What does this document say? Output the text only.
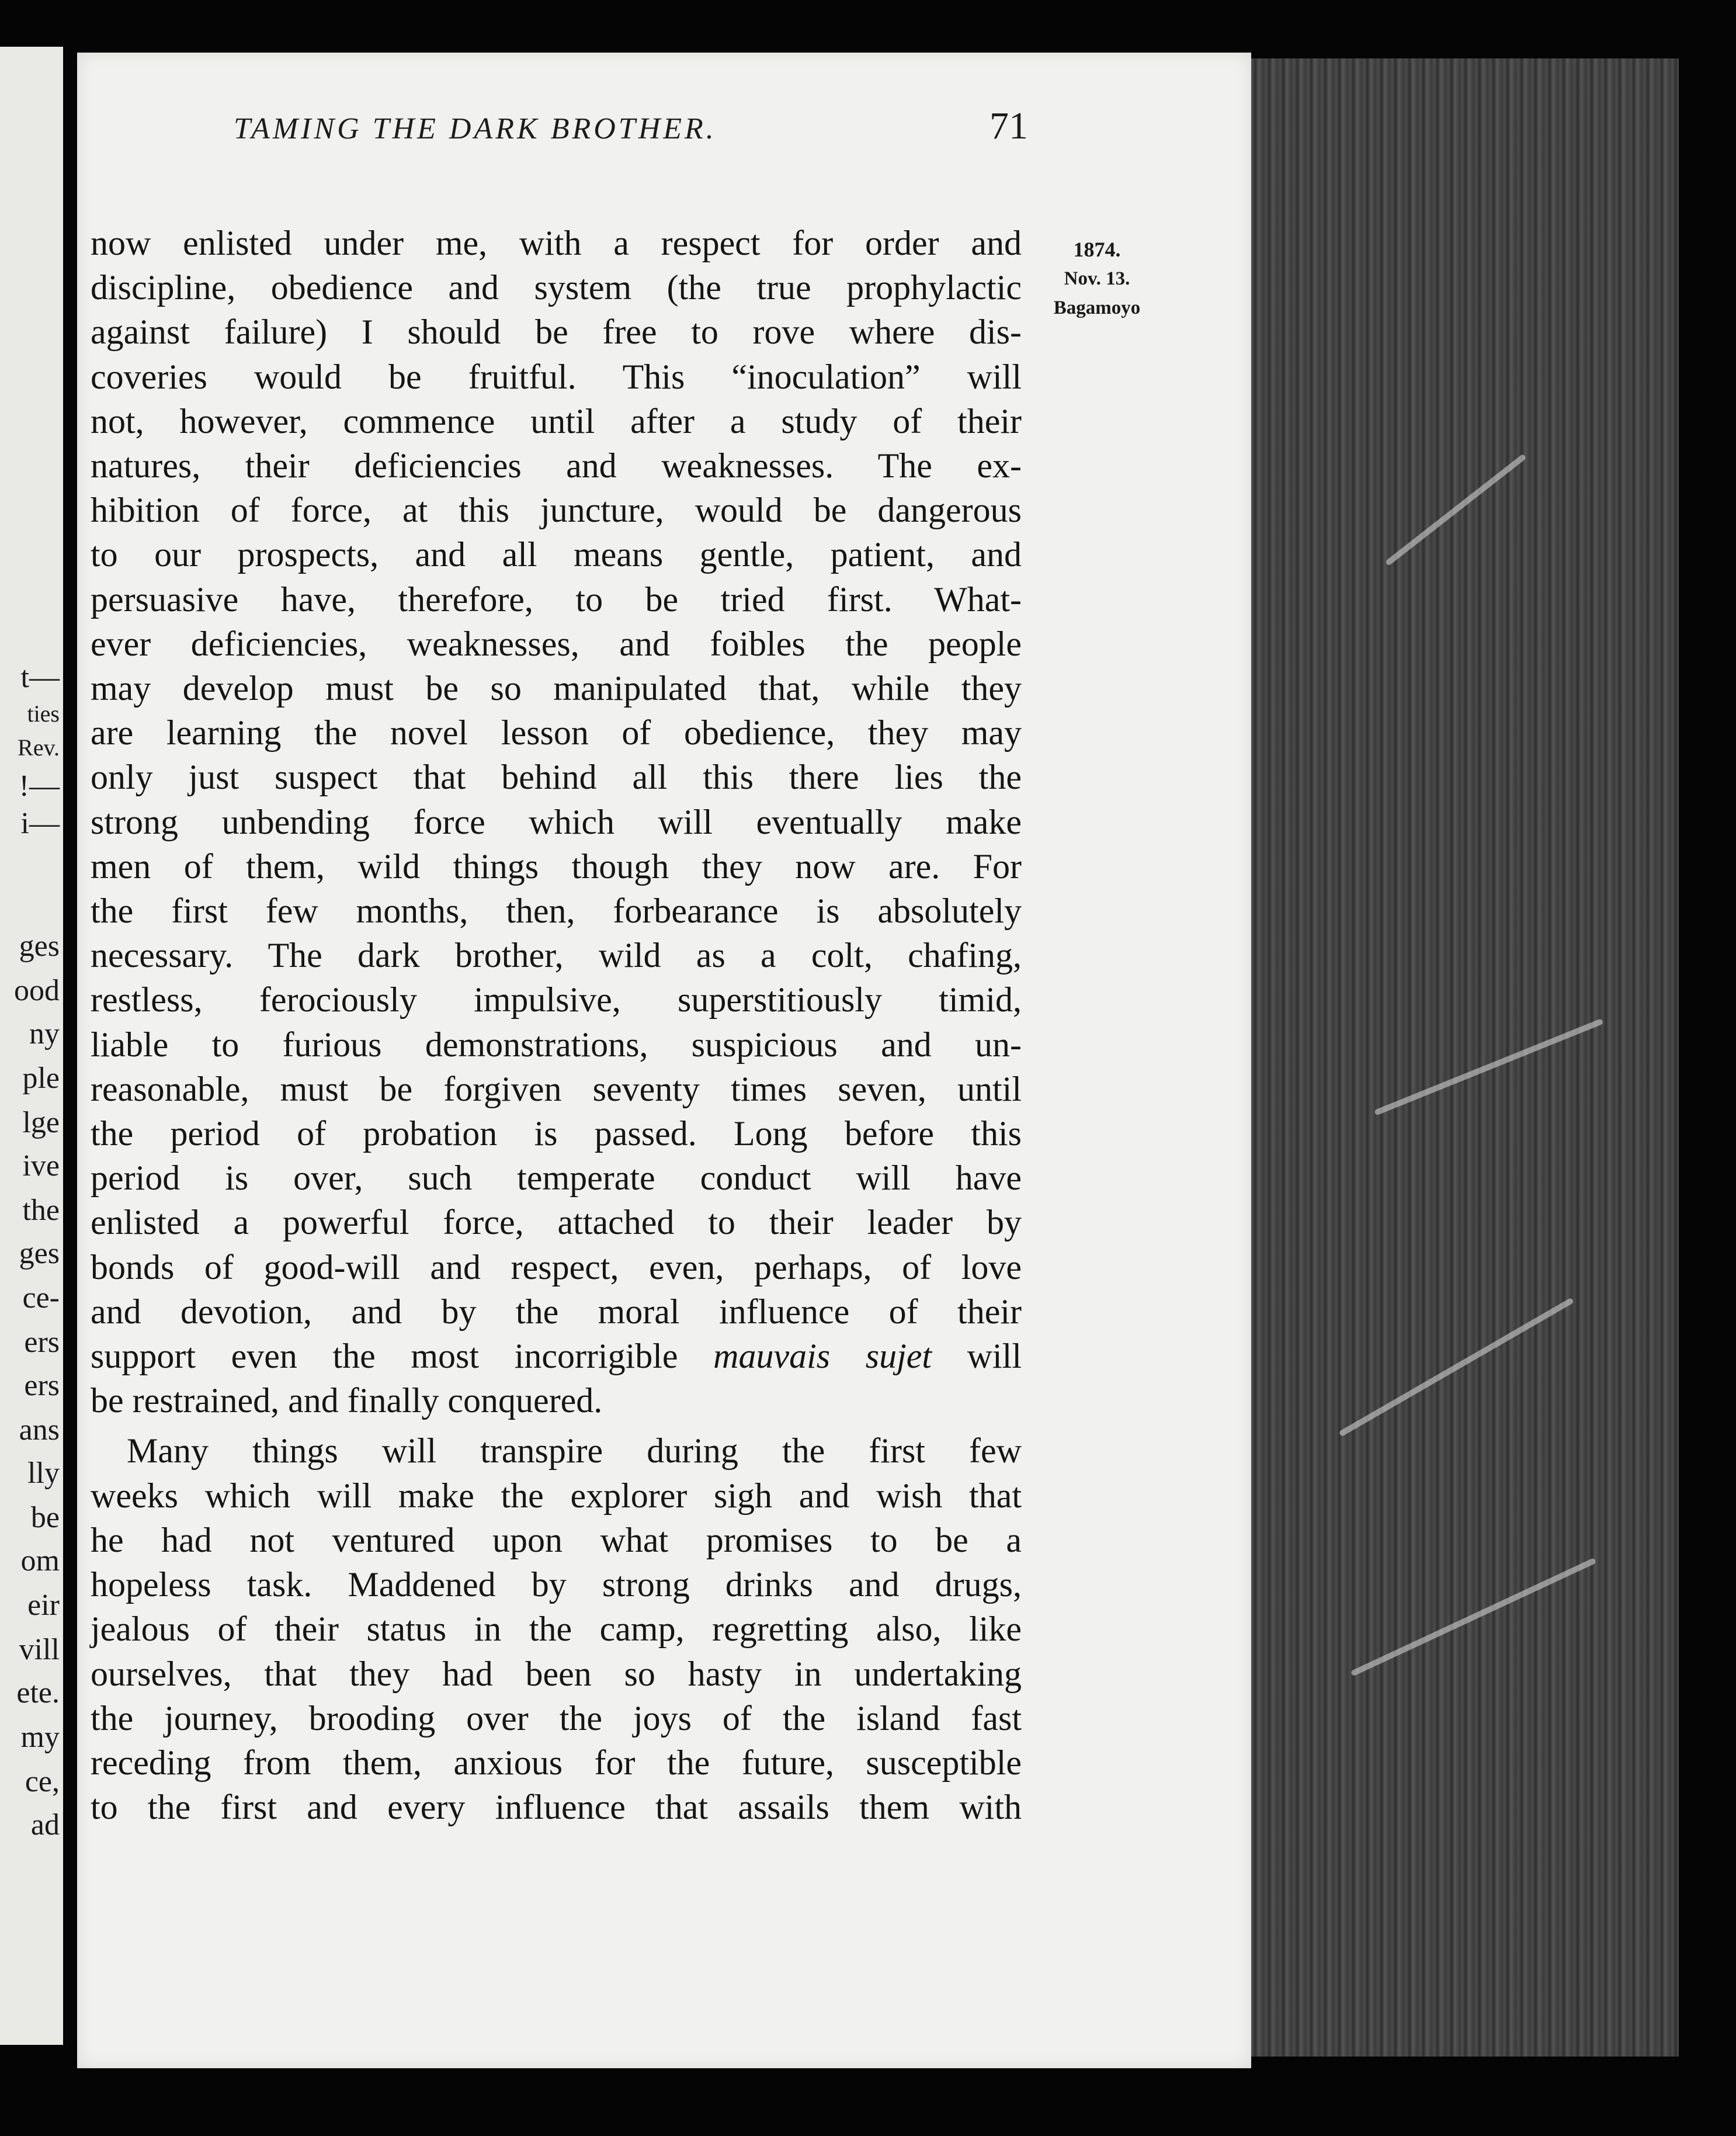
t—
ties
Rev.
!—
i—
ges
ood
ny
ple
lge
ive
the
ges
ce-
ers
ers
ans
lly
be
om
eir
vill
ete.
my
ce,
ad
TAMING THE DARK BROTHER.	71
1874.
Nov. 13.
Bagamoyo
now enlisted under me, with a respect for order and
discipline, obedience and system (the true prophylactic
against failure) I should be free to rove where dis-
coveries would be fruitful. This “inoculation” will
not, however, commence until after a study of their
natures, their deficiencies and weaknesses. The ex-
hibition of force, at this juncture, would be dangerous
to our prospects, and all means gentle, patient, and
persuasive have, therefore, to be tried first. What-
ever deficiencies, weaknesses, and foibles the people
may develop must be so manipulated that, while they
are learning the novel lesson of obedience, they may
only just suspect that behind all this there lies the
strong unbending force which will eventually make
men of them, wild things though they now are. For
the first few months, then, forbearance is absolutely
necessary. The dark brother, wild as a colt, chafing,
restless, ferociously impulsive, superstitiously timid,
liable to furious demonstrations, suspicious and un-
reasonable, must be forgiven seventy times seven, until
the period of probation is passed. Long before this
period is over, such temperate conduct will have
enlisted a powerful force, attached to their leader by
bonds of good-will and respect, even, perhaps, of love
and devotion, and by the moral influence of their
support even the most incorrigible mauvais sujet will
be restrained, and finally conquered.
Many things will transpire during the first few
weeks which will make the explorer sigh and wish that
he had not ventured upon what promises to be a
hopeless task. Maddened by strong drinks and drugs,
jealous of their status in the camp, regretting also, like
ourselves, that they had been so hasty in undertaking
the journey, brooding over the joys of the island fast
receding from them, anxious for the future, susceptible
to the first and every influence that assails them with
